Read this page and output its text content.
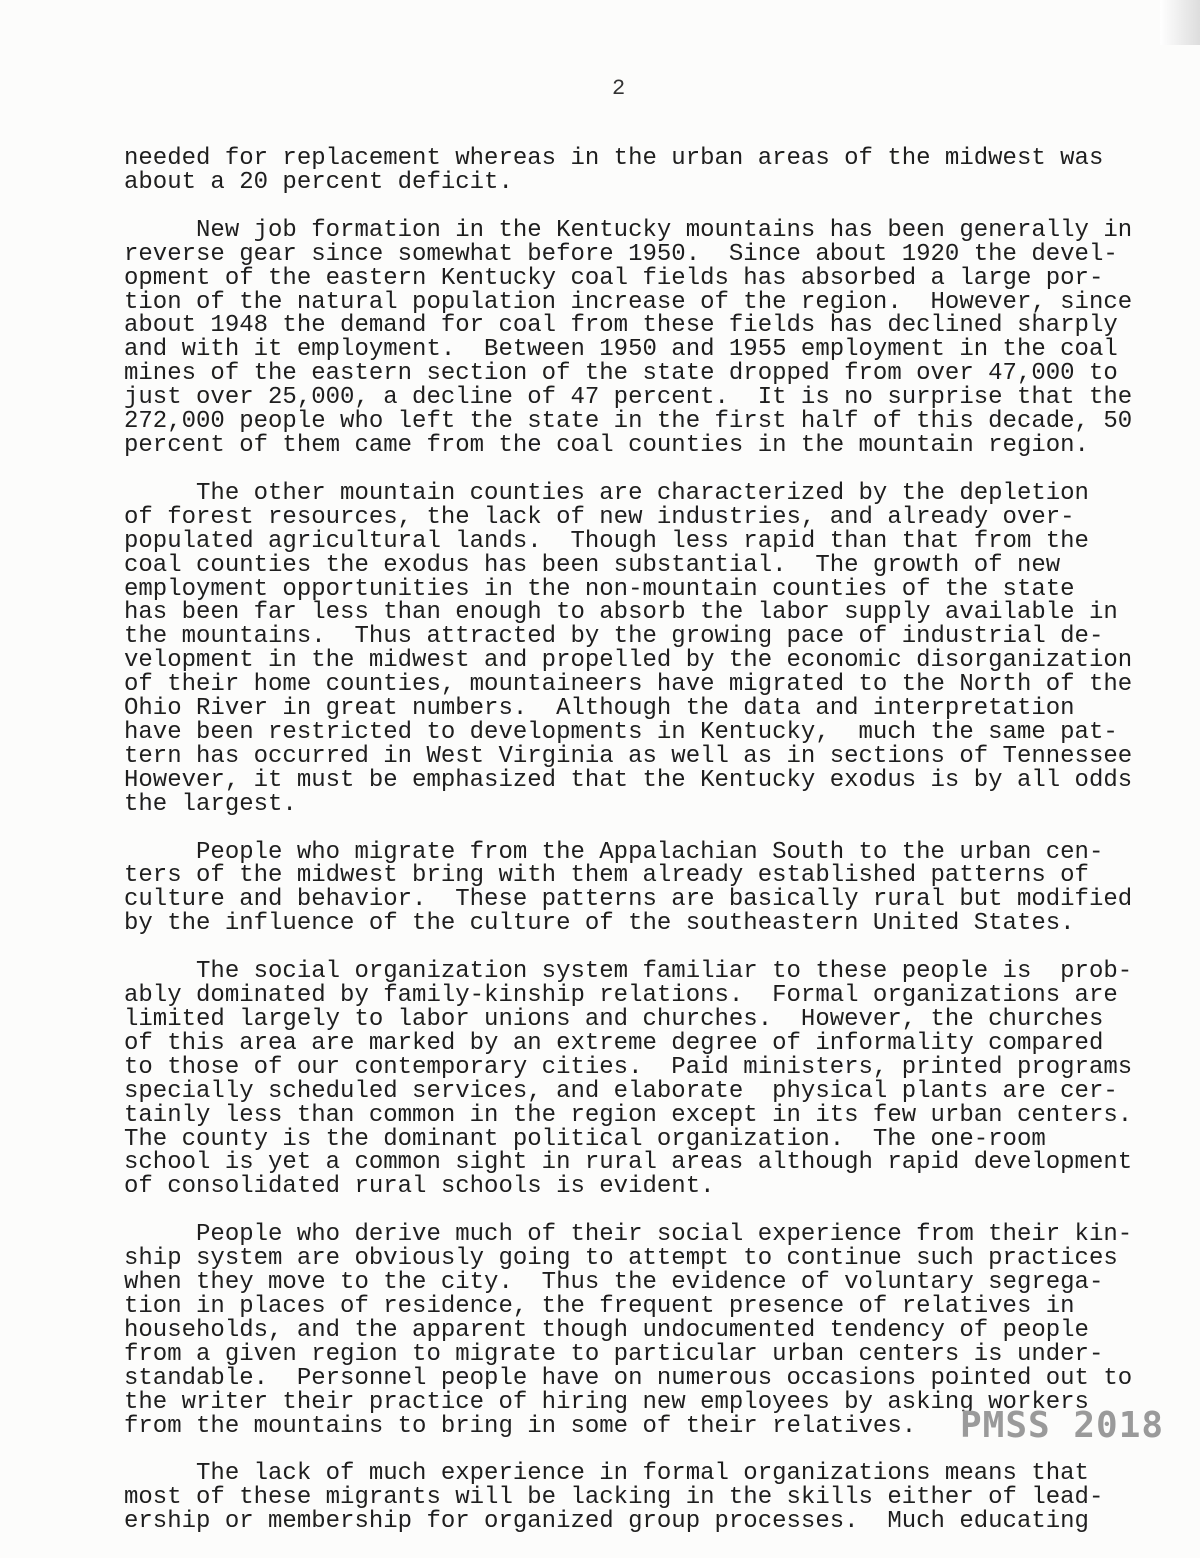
2
needed for replacement whereas in the urban areas of the midwest was
about a 20 percent deficit.
New job formation in the Kentucky mountains has been generally in
reverse gear since somewhat before 1950.  Since about 1920 the devel-
opment of the eastern Kentucky coal fields has absorbed a large por-
tion of the natural population increase of the region.  However, since
about 1948 the demand for coal from these fields has declined sharply
and with it employment.  Between 1950 and 1955 employment in the coal
mines of the eastern section of the state dropped from over 47,000 to
just over 25,000, a decline of 47 percent.  It is no surprise that the
272,000 people who left the state in the first half of this decade, 50
percent of them came from the coal counties in the mountain region.
The other mountain counties are characterized by the depletion
of forest resources, the lack of new industries, and already over-
populated agricultural lands.  Though less rapid than that from the
coal counties the exodus has been substantial.  The growth of new
employment opportunities in the non-mountain counties of the state
has been far less than enough to absorb the labor supply available in
the mountains.  Thus attracted by the growing pace of industrial de-
velopment in the midwest and propelled by the economic disorganization
of their home counties, mountaineers have migrated to the North of the
Ohio River in great numbers.  Although the data and interpretation
have been restricted to developments in Kentucky,  much the same pat-
tern has occurred in West Virginia as well as in sections of Tennessee
However, it must be emphasized that the Kentucky exodus is by all odds
the largest.
People who migrate from the Appalachian South to the urban cen-
ters of the midwest bring with them already established patterns of
culture and behavior.  These patterns are basically rural but modified
by the influence of the culture of the southeastern United States.
The social organization system familiar to these people is  prob-
ably dominated by family-kinship relations.  Formal organizations are
limited largely to labor unions and churches.  However, the churches
of this area are marked by an extreme degree of informality compared
to those of our contemporary cities.  Paid ministers, printed programs
specially scheduled services, and elaborate  physical plants are cer-
tainly less than common in the region except in its few urban centers.
The county is the dominant political organization.  The one-room
school is yet a common sight in rural areas although rapid development
of consolidated rural schools is evident.
People who derive much of their social experience from their kin-
ship system are obviously going to attempt to continue such practices
when they move to the city.  Thus the evidence of voluntary segrega-
tion in places of residence, the frequent presence of relatives in
households, and the apparent though undocumented tendency of people
from a given region to migrate to particular urban centers is under-
standable.  Personnel people have on numerous occasions pointed out to
the writer their practice of hiring new employees by asking workers
from the mountains to bring in some of their relatives.
The lack of much experience in formal organizations means that
most of these migrants will be lacking in the skills either of lead-
ership or membership for organized group processes.  Much educating
PMSS 2018
